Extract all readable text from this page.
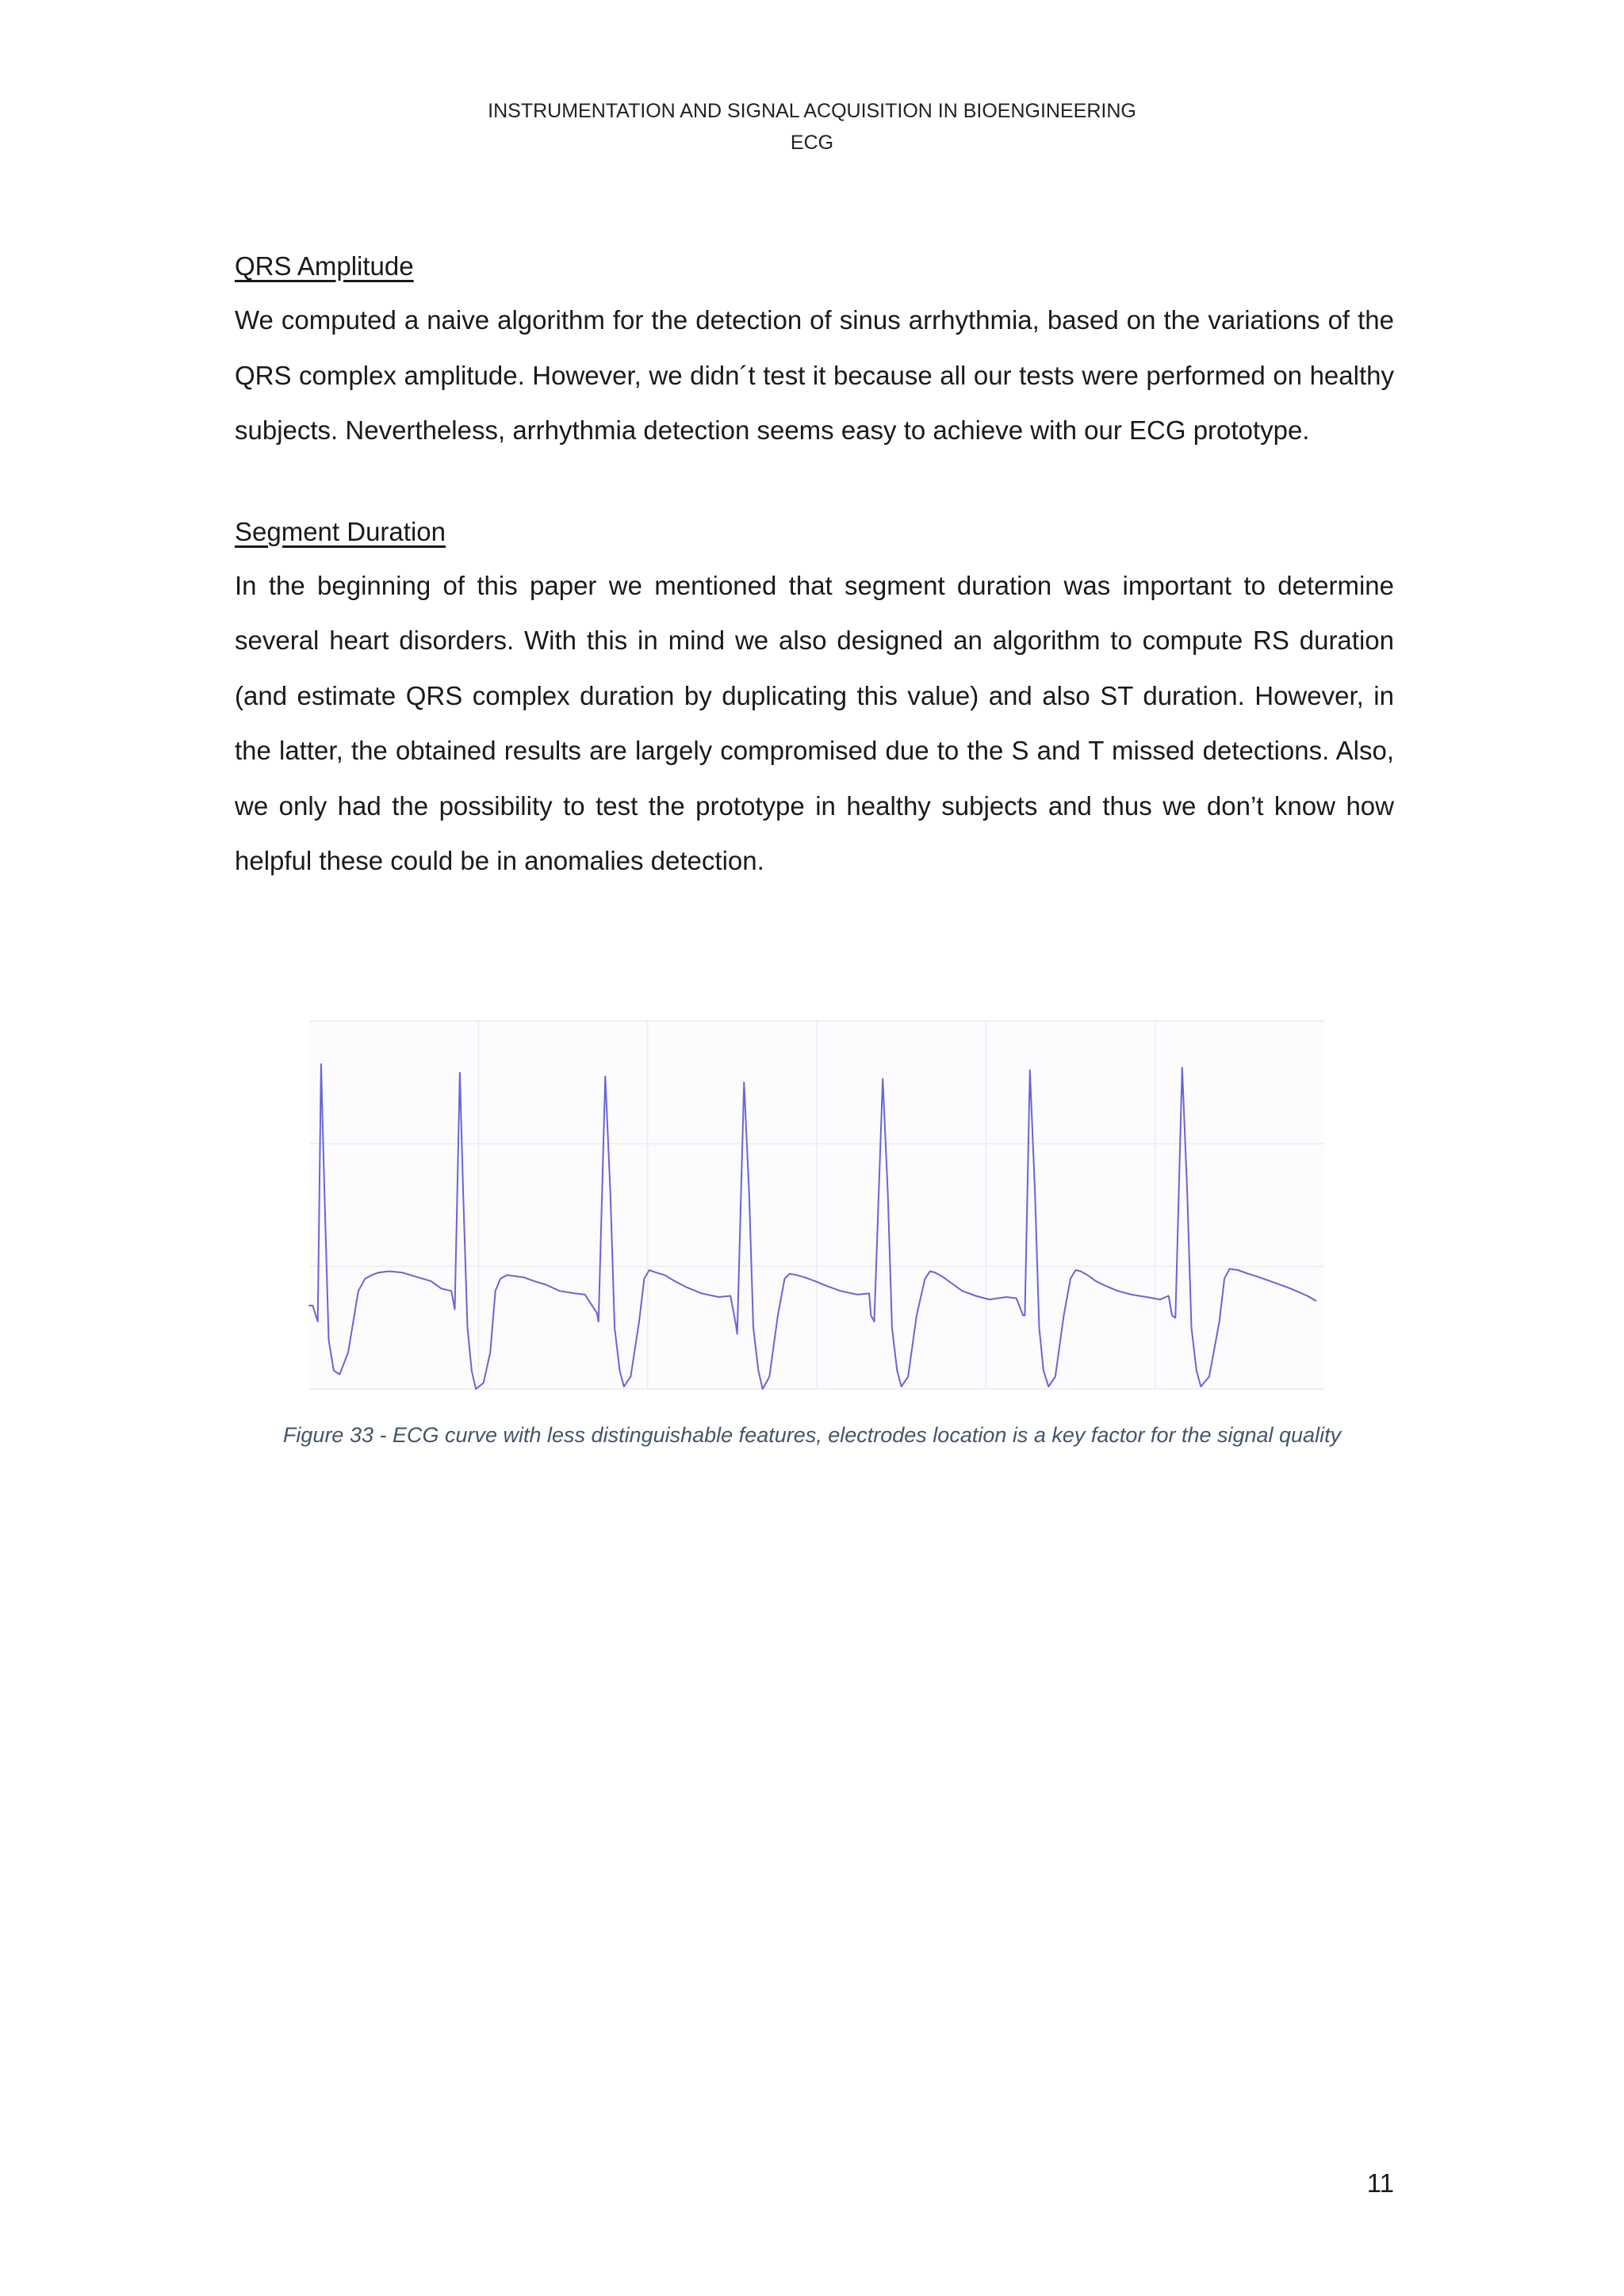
INSTRUMENTATION AND SIGNAL ACQUISITION IN BIOENGINEERING
ECG
QRS Amplitude

We computed a naive algorithm for the detection of sinus arrhythmia, based on the variations of the QRS complex amplitude. However, we didn´t test it because all our tests were performed on healthy subjects. Nevertheless, arrhythmia detection seems easy to achieve with our ECG prototype.

Segment Duration

In the beginning of this paper we mentioned that segment duration was important to determine several heart disorders. With this in mind we also designed an algorithm to compute RS duration (and estimate QRS complex duration by duplicating this value) and also ST duration. However, in the latter, the obtained results are largely compromised due to the S and T missed detections. Also, we only had the possibility to test the prototype in healthy subjects and thus we don’t know how helpful these could be in anomalies detection.

Figure 33 - ECG curve with less distinguishable features, electrodes location is a key factor for the signal quality
11
